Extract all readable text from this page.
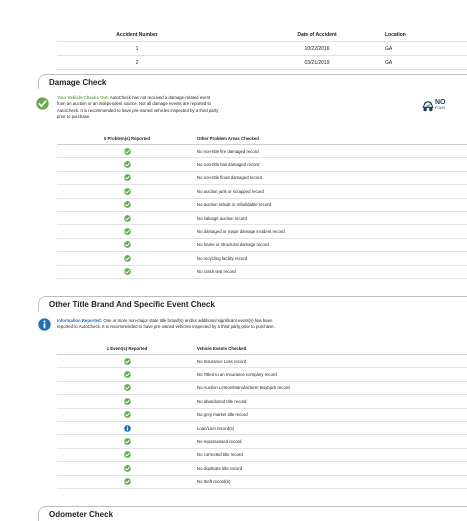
Accident Number	Date of Accident	Location
1	10/22/2016	GA
2	03/21/2019	GA
Damage Check
Your Vehicle Checks Out: AutoCheck has not received a damage-related event
from an auction or an independent source. Not all damage events are reported to
AutoCheck. It is recommended to have pre-owned vehicles inspected by a third party
prior to purchase.
NO
FOUN
0 Problem(s) Reported	Other Problem Areas Checked
No non-title fire damaged record
No non-title hail damaged record
No non-title flood damaged record
No auction junk or scrapped record
No auction rebuilt or rebuildable record
No salvage auction record
No damaged or major damage incident record
No frame or structural damage record
No recycling facility record
No crash test record
Other Title Brand And Specific Event Check
Information Reported: One or more non-major state title brand(s) and/or additional significant event(s) has been
reported to AutoCheck. It is recommended to have pre-owned vehicles inspected by a third party prior to purchase.
1 Event(s) Reported	Vehicle Events Checked
No Insurance Loss record
No Titled to an Insurance company record
No Auction Lemon/Manufacturer Buyback record
No abandoned title record
No grey market title record
Loan/Lien record(s)
No repossessed record
No corrected title record
No duplicate title record
No theft record(s)
Odometer Check
